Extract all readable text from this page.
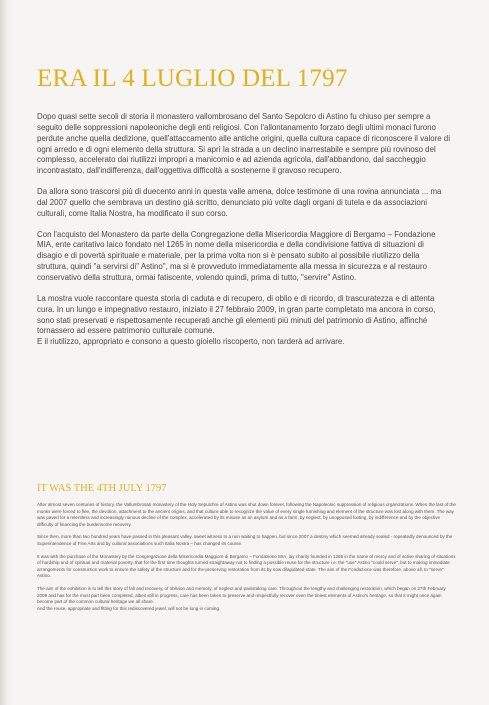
ERA IL 4 LUGLIO DEL 1797

Dopo quasi sette secoli di storia il monastero vallombrosano del Santo Sepolcro di Astino fu chiuso per sempre a seguito delle soppressioni napoleoniche degli enti religiosi. Con l'allontanamento forzato degli ultimi monaci furono perdute anche quella dedizione, quell'attaccamento alle antiche origini, quella cultura capace di riconoscere il valore di ogni arredo e di ogni elemento della struttura. Si aprì la strada a un declino inarrestabile e sempre più rovinoso del complesso, accelerato dai riutilizzi impropri a manicomio e ad azienda agricola, dall'abbandono, dal saccheggio incontrastato, dall'indifferenza, dall'oggettiva difficoltà a sostenerne il gravoso recupero.

Da allora sono trascorsi più di duecento anni in questa valle amena, dolce testimone di una rovina annunciata ... ma dal 2007 quello che sembrava un destino già scritto, denunciato più volte dagli organi di tutela e da associazioni culturali, come Italia Nostra, ha modificato il suo corso.

Con l'acquisto del Monastero da parte della Congregazione della Misericordia Maggiore di Bergamo – Fondazione MIA, ente caritativo laico fondato nel 1265 in nome della misericordia e della condivisione fattiva di situazioni di disagio e di povertà spirituale e materiale, per la prima volta non si è pensato subito al possibile riutilizzo della struttura, quindi "a servirsi di" Astino", ma si è provveduto immediatamente alla messa in sicurezza e al restauro conservativo della struttura, ormai fatiscente, volendo quindi, prima di tutto, "servire" Astino.

La mostra vuole raccontare questa storia di caduta e di recupero, di oblio e di ricordo, di trascuratezza e di attenta cura. In un lungo e impegnativo restauro, iniziato il 27 febbraio 2009, in gran parte completato ma ancora in corso, sono stati preservati e rispettosamente recuperati anche gli elementi più minuti del patrimonio di Astino, affinché tornassero ad essere patrimonio culturale comune.

E il riutilizzo, appropriato e consono a questo gioiello riscoperto, non tarderà ad arrivare.

IT WAS THE 4TH JULY 1797

After almost seven centuries of history, the Vallumbrosan monastery of the Holy Sepulchre of Astino was shut down forever, following the Napoleonic suppression of religious organizations. When the last of the monks were forced to flee, the devotion, attachment to the ancient origins, and that culture able to recognize the value of every single furnishing and element of the structure was lost along with them. The way was paved for a relentless and increasingly ruinous decline of the complex, accelerated by its misuse as an asylum and as a farm, by neglect, by unopposed looting, by indifference and by the objective difficulty of financing the burdensome recovery.

Since then, more than two hundred years have passed in this pleasant valley, sweet witness to a ruin waiting to happen, but since 2007 a destiny which seemed already sealed - repeatedly denounced by the Superintendence of Fine Arts and by cultural associations such Italia Nostra – has changed its course.

It was with the purchase of the Monastery by the Congregazione della Misericordia Maggiore di Bergamo – Fondazione MIA, lay charity founded in 1265 in the name of mercy and of active sharing of situations of hardship and of spiritual and material poverty, that for the first time thoughts turned straightaway not to finding a possible reuse for the structure i.e. the "use" Astino "could serve", but to making immediate arrangements for construction work to ensure the safety of the structure and for the preserving restoration from its by now dilapidated state. The aim of the Fondazione was therefore, above all, to "serve" Astino.

The aim of the exhibition is to tell this story of fall and recovery, of oblivion and memory, of neglect and painstaking care. Throughout the lengthy and challenging restoration, which began on 27th February 2009 and has for the most part been completed, albeit still in progress, care has been taken to preserve and respectfully recover even the tiniest elements of Astino's heritage, so that it might once again become part of the common cultural heritage we all share.

And the reuse, appropriate and fitting for this rediscovered jewel, will not be long in coming.
